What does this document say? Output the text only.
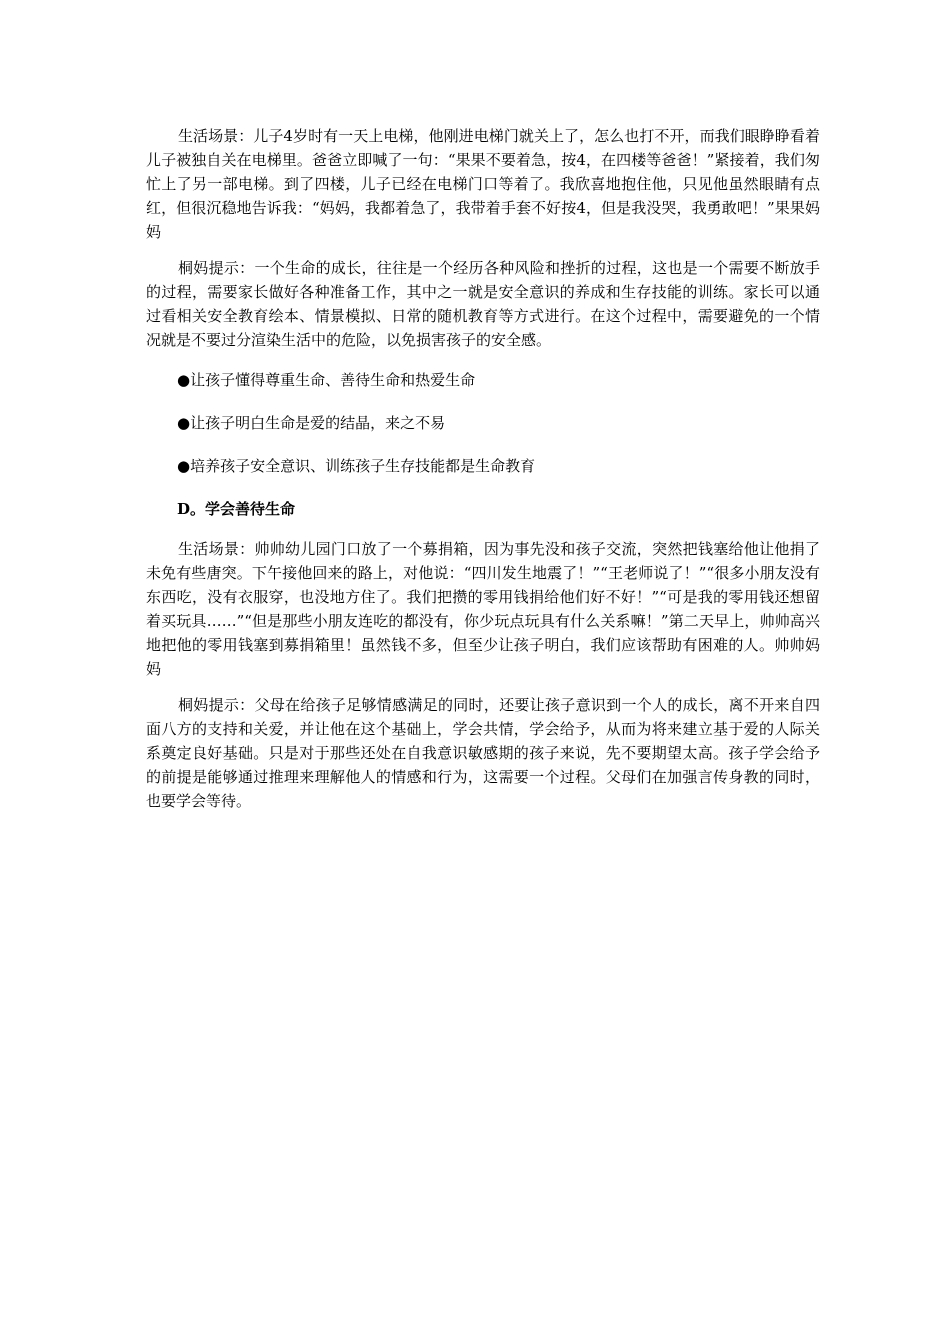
生活场景：儿子4岁时有一天上电梯，他刚进电梯门就关上了，怎么也打不开，而我们眼睁睁看着儿子被独自关在电梯里。爸爸立即喊了一句：“果果不要着急，按4，在四楼等爸爸！”紧接着，我们匆忙上了另一部电梯。到了四楼，儿子已经在电梯门口等着了。我欣喜地抱住他，只见他虽然眼睛有点红，但很沉稳地告诉我：“妈妈，我都着急了，我带着手套不好按4，但是我没哭，我勇敢吧！”果果妈妈

桐妈提示：一个生命的成长，往往是一个经历各种风险和挫折的过程，这也是一个需要不断放手的过程，需要家长做好各种准备工作，其中之一就是安全意识的养成和生存技能的训练。家长可以通过看相关安全教育绘本、情景模拟、日常的随机教育等方式进行。在这个过程中，需要避免的一个情况就是不要过分渲染生活中的危险，以免损害孩子的安全感。

●让孩子懂得尊重生命、善待生命和热爱生命
●让孩子明白生命是爱的结晶，来之不易
●培养孩子安全意识、训练孩子生存技能都是生命教育
D。学会善待生命

生活场景：帅帅幼儿园门口放了一个募捐箱，因为事先没和孩子交流，突然把钱塞给他让他捐了未免有些唐突。下午接他回来的路上，对他说：“四川发生地震了！”“王老师说了！”“很多小朋友没有东西吃，没有衣服穿，也没地方住了。我们把攒的零用钱捐给他们好不好！”“可是我的零用钱还想留着买玩具……”“但是那些小朋友连吃的都没有，你少玩点玩具有什么关系嘛！”第二天早上，帅帅高兴地把他的零用钱塞到募捐箱里！虽然钱不多，但至少让孩子明白，我们应该帮助有困难的人。帅帅妈妈

桐妈提示：父母在给孩子足够情感满足的同时，还要让孩子意识到一个人的成长，离不开来自四面八方的支持和关爱，并让他在这个基础上，学会共情，学会给予，从而为将来建立基于爱的人际关系奠定良好基础。只是对于那些还处在自我意识敏感期的孩子来说，先不要期望太高。孩子学会给予的前提是能够通过推理来理解他人的情感和行为，这需要一个过程。父母们在加强言传身教的同时，也要学会等待。
